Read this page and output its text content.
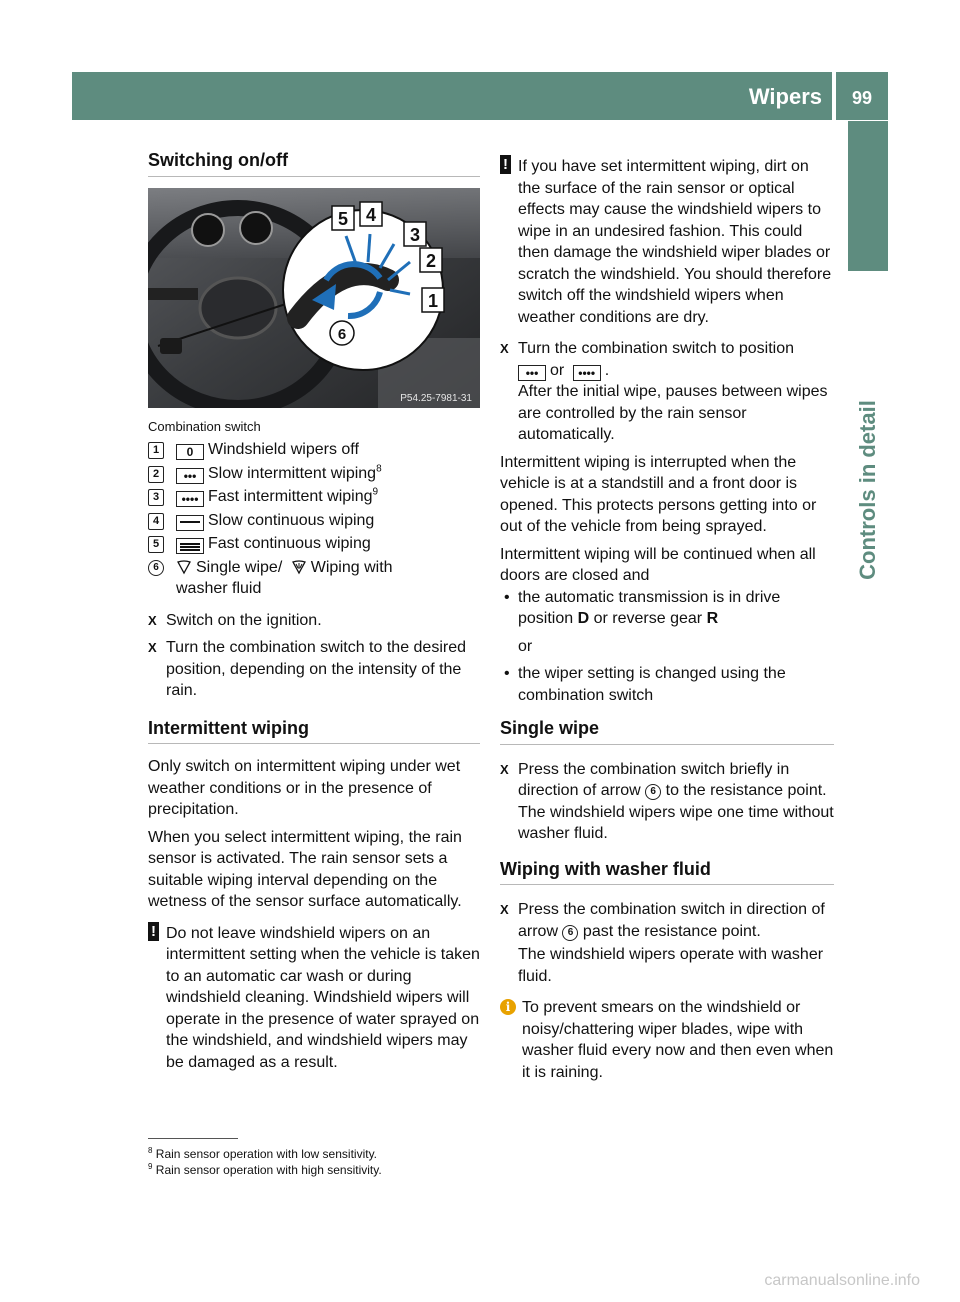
Wipers	99
Controls in detail
Switching on/off
5 4
3
2
1
6
P54.25-7981-31
Combination switch
1	0 Windshield wipers off
2	••• Slow intermittent wiping$^8$
3	•••• Fast intermittent wiping$^9$
4	Slow continuous wiping
5	Fast continuous wiping
6	Single wipe/ Wiping with
washer fluid
X Switch on the ignition.
X Turn the combination switch to the desired position, depending on the intensity of the rain.
Intermittent wiping

Only switch on intermittent wiping under wet weather conditions or in the presence of precipitation.

When you select intermittent wiping, the rain sensor is activated. The rain sensor sets a suitable wiping interval depending on the wetness of the sensor surface automatically.

! Do not leave windshield wipers on an intermittent setting when the vehicle is taken to an automatic car wash or during windshield cleaning. Windshield wipers will operate in the presence of water sprayed on the windshield, and windshield wipers may be damaged as a result.
! If you have set intermittent wiping, dirt on the surface of the rain sensor or optical effects may cause the windshield wipers to wipe in an undesired fashion. This could then damage the windshield wiper blades or scratch the windshield. You should therefore switch off the windshield wipers when weather conditions are dry.
X Turn the combination switch to position
••• or •••• .
After the initial wipe, pauses between wipes are controlled by the rain sensor automatically.

Intermittent wiping is interrupted when the vehicle is at a standstill and a front door is opened. This protects persons getting into or out of the vehicle from being sprayed.

Intermittent wiping will be continued when all doors are closed and

• the automatic transmission is in drive position D or reverse gear R
or
• the wiper setting is changed using the combination switch
Single wipe
X Press the combination switch briefly in direction of arrow 6 to the resistance point.
The windshield wipers wipe one time without washer fluid.
Wiping with washer fluid
X Press the combination switch in direction of arrow 6 past the resistance point.

The windshield wipers operate with washer fluid.

i To prevent smears on the windshield or noisy/chattering wiper blades, wipe with washer fluid every now and then even when it is raining.
$^8$ Rain sensor operation with low sensitivity.
$^9$ Rain sensor operation with high sensitivity.
carmanualsonline.info
